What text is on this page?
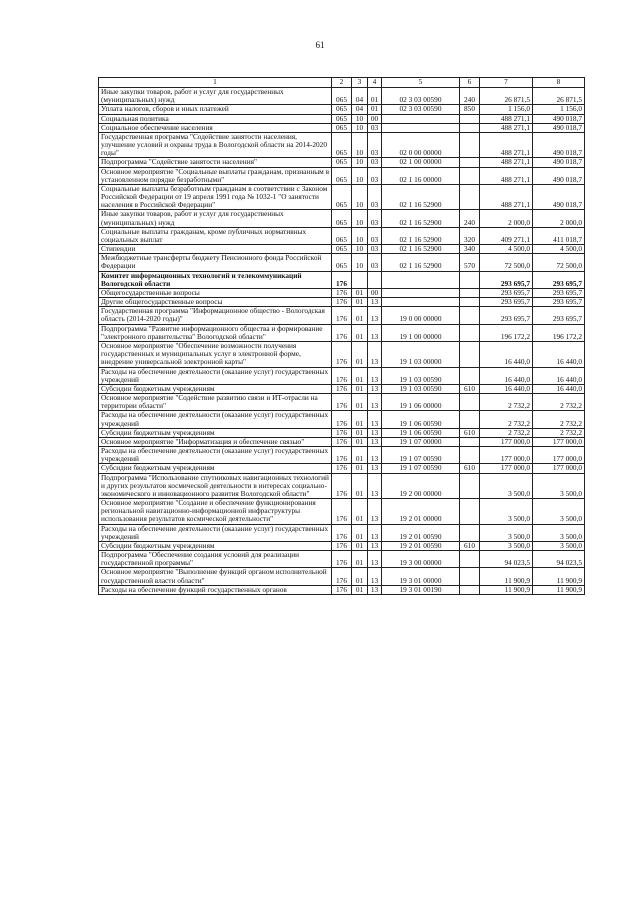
61
1	2	3	4	5	6	7	8
Иные закупки товаров, работ и услуг для государственных (муниципальных) нужд	065	04	01	02 3 03 00590	240	26 871,5	26 871,5
Уплата налогов, сборов и иных платежей	065	04	01	02 3 03 00590	850	1 156,0	1 156,0
Социальная политика	065	10	00			488 271,1	490 018,7
Социальное обеспечение населения	065	10	03			488 271,1	490 018,7
Государственная программа "Содействие занятости населения, улучшение условий и охраны труда в Вологодской области на 2014-2020 годы"	065	10	03	02 0 00 00000		488 271,1	490 018,7
Подпрограмма "Содействие занятости населения"	065	10	03	02 1 00 00000		488 271,1	490 018,7
Основное мероприятие "Социальные выплаты гражданам, признанным в установленном порядке безработными"	065	10	03	02 1 16 00000		488 271,1	490 018,7
Социальные выплаты безработным гражданам в соответствии с Законом Российской Федерации от 19 апреля 1991 года № 1032-1 "О занятости населения в Российской Федерации"	065	10	03	02 1 16 52900		488 271,1	490 018,7
Иные закупки товаров, работ и услуг для государственных (муниципальных) нужд	065	10	03	02 1 16 52900	240	2 000,0	2 000,0
Социальные выплаты гражданам, кроме публичных нормативных социальных выплат	065	10	03	02 1 16 52900	320	409 271,1	411 018,7
Стипендии	065	10	03	02 1 16 52900	340	4 500,0	4 500,0
Межбюджетные трансферты бюджету Пенсионного фонда Российской Федерации	065	10	03	02 1 16 52900	570	72 500,0	72 500,0
Комитет информационных технологий и телекоммуникаций Вологодской области	176					293 695,7	293 695,7
Общегосударственные вопросы	176	01	00			293 695,7	293 695,7
Другие общегосударственные вопросы	176	01	13			293 695,7	293 695,7
Государственная программа "Информационное общество - Вологодская область (2014-2020 годы)"	176	01	13	19 0 00 00000		293 695,7	293 695,7
Подпрограмма "Развитие информационного общества и формирование "электронного правительства" Вологодской области"	176	01	13	19 1 00 00000		196 172,2	196 172,2
Основное мероприятие "Обеспечение возможности получения государственных и муниципальных услуг в электронной форме, внедрение универсальной электронной карты"	176	01	13	19 1 03 00000		16 440,0	16 440,0
Расходы на обеспечение деятельности (оказание услуг) государственных учреждений	176	01	13	19 1 03 00590		16 440,0	16 440,0
Субсидии бюджетным учреждениям	176	01	13	19 1 03 00590	610	16 440,0	16 440,0
Основное мероприятие "Содействие развитию связи и ИТ-отрасли на территории области"	176	01	13	19 1 06 00000		2 732,2	2 732,2
Расходы на обеспечение деятельности (оказание услуг) государственных учреждений	176	01	13	19 1 06 00590		2 732,2	2 732,2
Субсидии бюджетным учреждениям	176	01	13	19 1 06 00590	610	2 732,2	2 732,2
Основное мероприятие "Информатизация и обеспечение связью"	176	01	13	19 1 07 00000		177 000,0	177 000,0
Расходы на обеспечение деятельности (оказание услуг) государственных учреждений	176	01	13	19 1 07 00590		177 000,0	177 000,0
Субсидии бюджетным учреждениям	176	01	13	19 1 07 00590	610	177 000,0	177 000,0
Подпрограмма "Использование спутниковых навигационных технологий и других результатов космической деятельности в интересах социально-экономического и инновационного развития Вологодской области"	176	01	13	19 2 00 00000		3 500,0	3 500,0
Основное мероприятие "Создание и обеспечение функционирования региональной навигационно-информационной инфраструктуры использования результатов космической деятельности"	176	01	13	19 2 01 00000		3 500,0	3 500,0
Расходы на обеспечение деятельности (оказание услуг) государственных учреждений	176	01	13	19 2 01 00590		3 500,0	3 500,0
Субсидии бюджетным учреждениям	176	01	13	19 2 01 00590	610	3 500,0	3 500,0
Подпрограмма "Обеспечение создания условий для реализации государственной программы"	176	01	13	19 3 00 00000		94 023,5	94 023,5
Основное мероприятие "Выполнение функций органом исполнительной государственной власти области"	176	01	13	19 3 01 00000		11 900,9	11 900,9
Расходы на обеспечение функций государственных органов	176	01	13	19 3 01 00190		11 900,9	11 900,9
